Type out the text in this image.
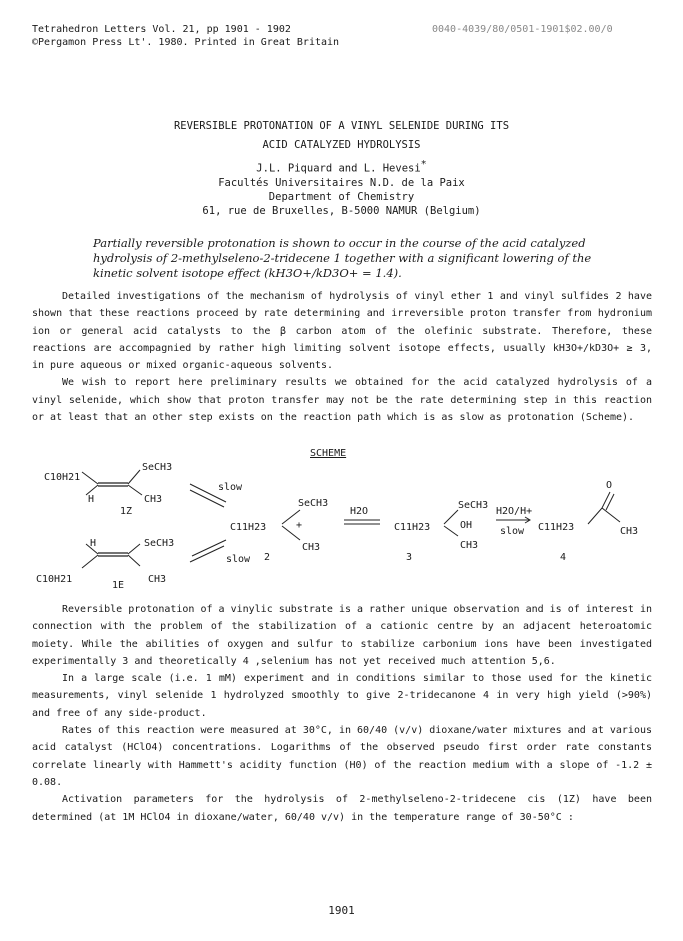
Tetrahedron Letters Vol. 21, pp 1901 - 1902
©Pergamon Press Lt'. 1980. Printed in Great Britain
0040-4039/80/0501-1901$02.00/0
REVERSIBLE PROTONATION OF A VINYL SELENIDE DURING ITS
ACID CATALYZED HYDROLYSIS
J.L. Piquard and L. Hevesi*
Facultés Universitaires N.D. de la Paix
Department of Chemistry
61, rue de Bruxelles, B-5000 NAMUR (Belgium)

Partially reversible protonation is shown to occur in the course of the acid catalyzed hydrolysis of 2-methylseleno-2-tridecene 1 together with a significant lowering of the kinetic solvent isotope effect (kH3O+/kD3O+ = 1.4).

Detailed investigations of the mechanism of hydrolysis of vinyl ether 1 and vinyl sulfides 2 have shown that these reactions proceed by rate determining and irreversible proton transfer from hydronium ion or general acid catalysts to the β carbon atom of the olefinic substrate. Therefore, these reactions are accompagnied by rather high limiting solvent isotope effects, usually kH3O+/kD3O+ ≥ 3, in pure aqueous or mixed organic-aqueous solvents.

We wish to report here preliminary results we obtained for the acid catalyzed hydrolysis of a vinyl selenide, which show that proton transfer may not be the rate determining step in this reaction or at least that an other step exists on the reaction path which is as slow as protonation (Scheme).

SCHEME
C10H21
SeCH3
H	CH3
1Z
H	SeCH3
C10H21	CH3
1E
slow
slow
C11H23	+
SeCH3
CH3
2
H2O
C11H23
SeCH3
OH
CH3
3
H2O/H+
slow C11H23
O
CH3
4

Reversible protonation of a vinylic substrate is a rather unique observation and is of interest in connection with the problem of the stabilization of a cationic centre by an adjacent heteroatomic moiety. While the abilities of oxygen and sulfur to stabilize carbonium ions have been investigated experimentally 3 and theoretically 4 ,selenium has not yet received much attention 5,6.

In a large scale (i.e. 1 mM) experiment and in conditions similar to those used for the kinetic measurements, vinyl selenide 1 hydrolyzed smoothly to give 2-tridecanone 4 in very high yield (>90%) and free of any side-product.

Rates of this reaction were measured at 30°C, in 60/40 (v/v) dioxane/water mixtures and at various acid catalyst (HClO4) concentrations. Logarithms of the observed pseudo first order rate constants correlate linearly with Hammett's acidity function (H0) of the reaction medium with a slope of -1.2 ± 0.08.

Activation parameters for the hydrolysis of 2-methylseleno-2-tridecene cis (1Z) have been determined (at 1M HClO4 in dioxane/water, 60/40 v/v) in the temperature range of 30-50°C :

1901
